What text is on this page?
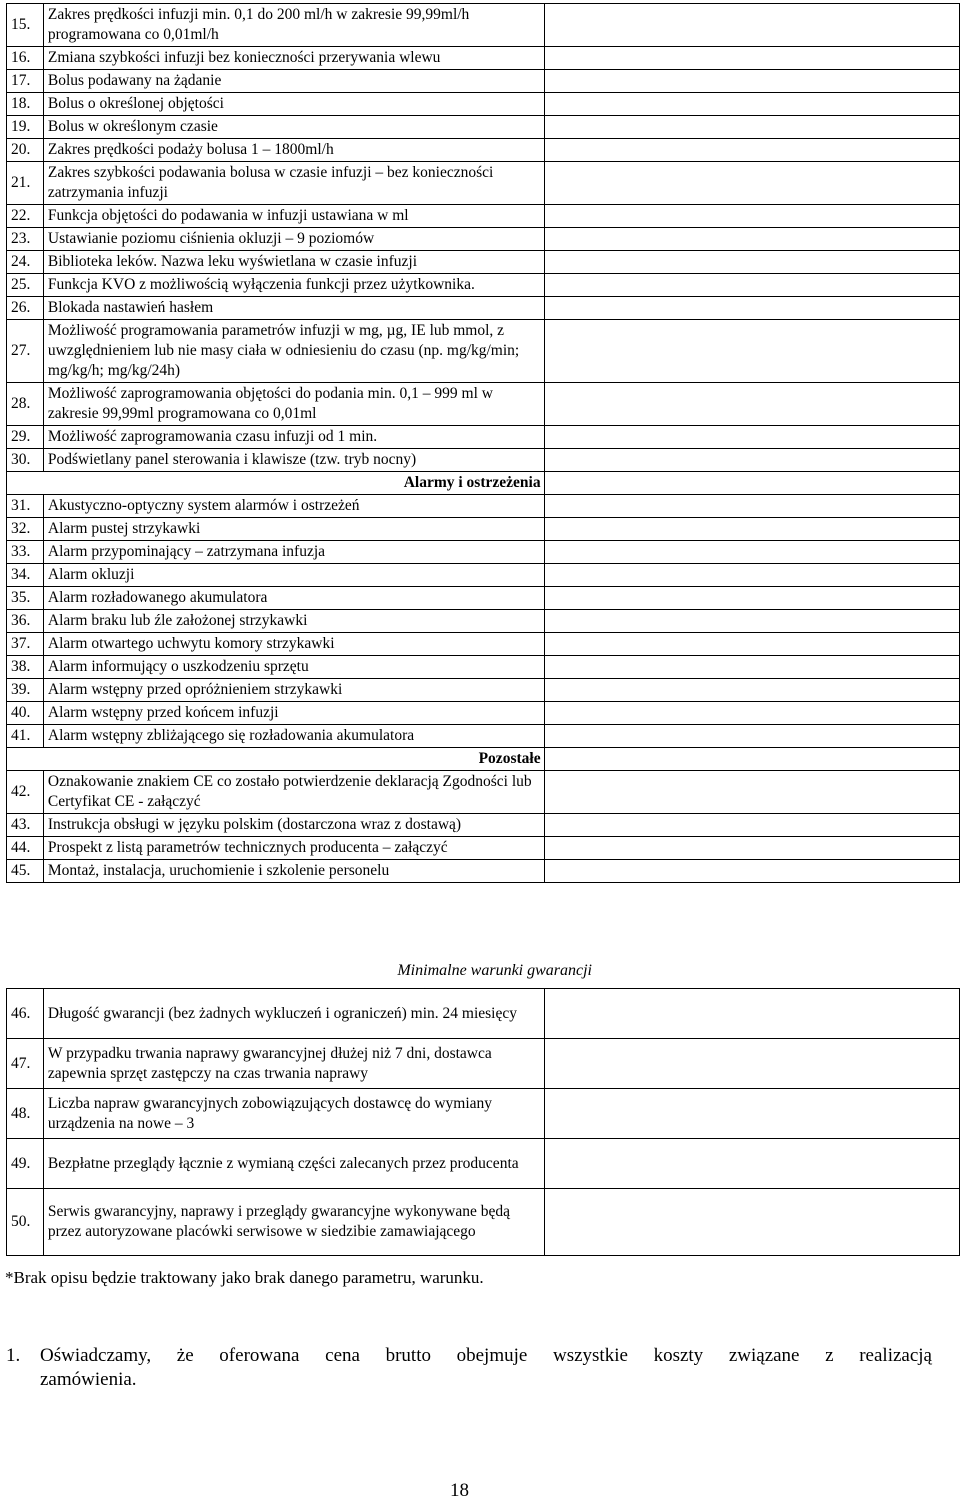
15.	Zakres prędkości infuzji min. 0,1 do 200 ml/h w zakresie 99,99ml/h programowana co 0,01ml/h	
16.	Zmiana szybkości infuzji bez konieczności przerywania wlewu	
17.	Bolus podawany na żądanie	
18.	Bolus o określonej objętości	
19.	Bolus w określonym czasie	
20.	Zakres prędkości podaży bolusa 1 – 1800ml/h	
21.	Zakres szybkości podawania bolusa w czasie infuzji – bez konieczności zatrzymania infuzji	
22.	Funkcja objętości do podawania w infuzji ustawiana w ml	
23.	Ustawianie poziomu ciśnienia okluzji – 9 poziomów	
24.	Biblioteka leków. Nazwa leku wyświetlana w czasie infuzji	
25.	Funkcja KVO z możliwością wyłączenia funkcji przez użytkownika.	
26.	Blokada nastawień hasłem	
27.	Możliwość programowania parametrów infuzji w mg, µg, IE lub mmol, z uwzględnieniem lub nie masy ciała w odniesieniu do czasu (np. mg/kg/min; mg/kg/h; mg/kg/24h)	
28.	Możliwość zaprogramowania objętości do podania min. 0,1 – 999 ml w zakresie 99,99ml programowana co 0,01ml	
29.	Możliwość zaprogramowania czasu infuzji od 1 min.	
30.	Podświetlany panel sterowania i klawisze (tzw. tryb nocny)	
Alarmy i ostrzeżenia		
31.	Akustyczno-optyczny system alarmów i ostrzeżeń	
32.	Alarm pustej strzykawki	
33.	Alarm przypominający – zatrzymana infuzja	
34.	Alarm okluzji	
35.	Alarm rozładowanego akumulatora	
36.	Alarm braku lub źle założonej strzykawki	
37.	Alarm otwartego uchwytu komory strzykawki	
38.	Alarm informujący o uszkodzeniu sprzętu	
39.	Alarm wstępny przed opróżnieniem strzykawki	
40.	Alarm wstępny przed końcem infuzji	
41.	Alarm wstępny zbliżającego się rozładowania akumulatora	
Pozostałe		
42.	Oznakowanie znakiem CE co zostało potwierdzenie deklaracją Zgodności lub Certyfikat CE - załączyć	
43.	Instrukcja obsługi w języku polskim (dostarczona wraz z dostawą)	
44.	Prospekt z listą parametrów technicznych producenta – załączyć	
45.	Montaż, instalacja, uruchomienie i szkolenie personelu	
Minimalne warunki gwarancji
46.	Długość gwarancji (bez żadnych wykluczeń i ograniczeń) min. 24 miesięcy	
47.	W przypadku trwania naprawy gwarancyjnej dłużej niż 7 dni, dostawca zapewnia sprzęt zastępczy na czas trwania naprawy	
48.	Liczba napraw gwarancyjnych zobowiązujących dostawcę do wymiany urządzenia na nowe – 3	
49.	Bezpłatne przeglądy łącznie z wymianą części zalecanych przez producenta	
50.	Serwis gwarancyjny, naprawy i przeglądy gwarancyjne wykonywane będą przez autoryzowane placówki serwisowe w siedzibie zamawiającego	
*Brak opisu będzie traktowany jako brak danego parametru, warunku.
1.	Oświadczamy, że oferowana cena brutto obejmuje wszystkie koszty związane z realizacją
zamówienia.
18
